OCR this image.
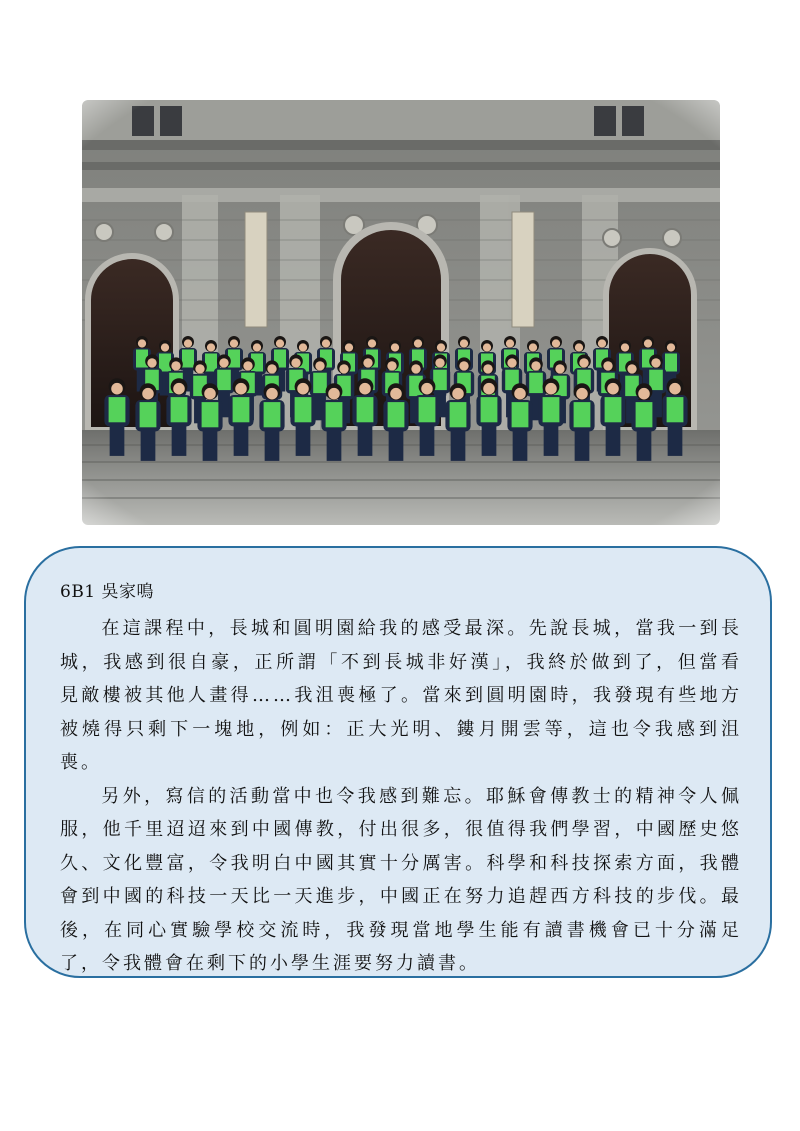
6B1 吳家鳴

在這課程中，長城和圓明園給我的感受最深。先說長城，當我一到長城，我感到很自豪，正所謂「不到長城非好漢」，我終於做到了，但當看見敵樓被其他人畫得……我沮喪極了。當來到圓明園時，我發現有些地方被燒得只剩下一塊地，例如：正大光明、鏤月開雲等，這也令我感到沮喪。

另外，寫信的活動當中也令我感到難忘。耶穌會傳教士的精神令人佩服，他千里迢迢來到中國傳教，付出很多，很值得我們學習，中國歷史悠久、文化豐富，令我明白中國其實十分厲害。科學和科技探索方面，我體會到中國的科技一天比一天進步，中國正在努力追趕西方科技的步伐。最後，在同心實驗學校交流時，我發現當地學生能有讀書機會已十分滿足了，令我體會在剩下的小學生涯要努力讀書。
